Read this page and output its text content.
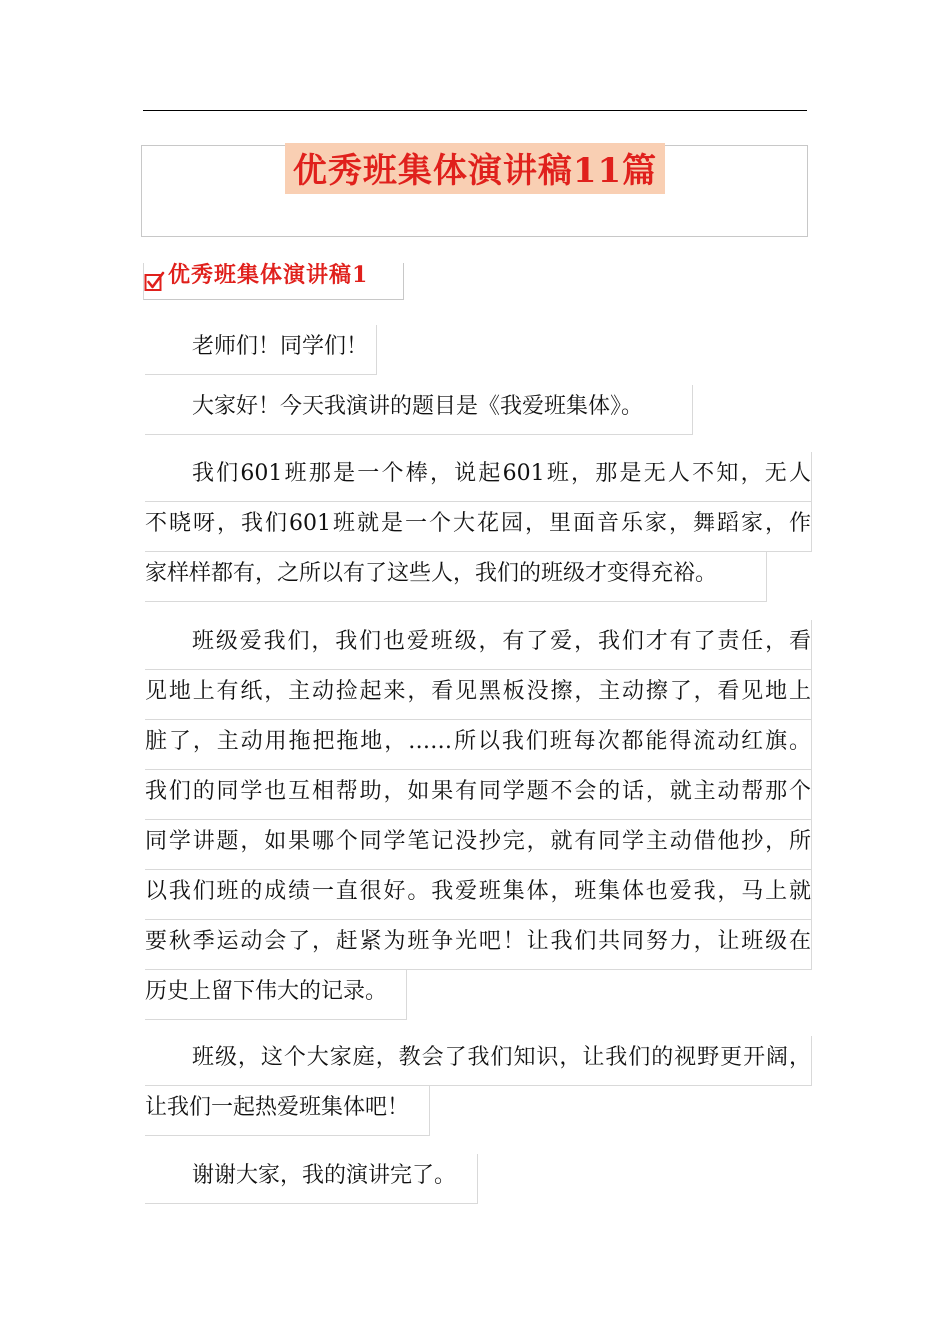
优秀班集体演讲稿11篇
优秀班集体演讲稿1
老师们！同学们！
大家好！今天我演讲的题目是《我爱班集体》。
我们601班那是一个棒，说起601班，那是无人不知，无人
不晓呀，我们601班就是一个大花园，里面音乐家，舞蹈家，作
家样样都有，之所以有了这些人，我们的班级才变得充裕。
班级爱我们，我们也爱班级，有了爱，我们才有了责任，看
见地上有纸，主动捡起来，看见黑板没擦，主动擦了，看见地上
脏了，主动用拖把拖地，……所以我们班每次都能得流动红旗。
我们的同学也互相帮助，如果有同学题不会的话，就主动帮那个
同学讲题，如果哪个同学笔记没抄完，就有同学主动借他抄，所
以我们班的成绩一直很好。我爱班集体，班集体也爱我，马上就
要秋季运动会了，赶紧为班争光吧！让我们共同努力，让班级在
历史上留下伟大的记录。
班级，这个大家庭，教会了我们知识，让我们的视野更开阔，
让我们一起热爱班集体吧！
谢谢大家，我的演讲完了。
